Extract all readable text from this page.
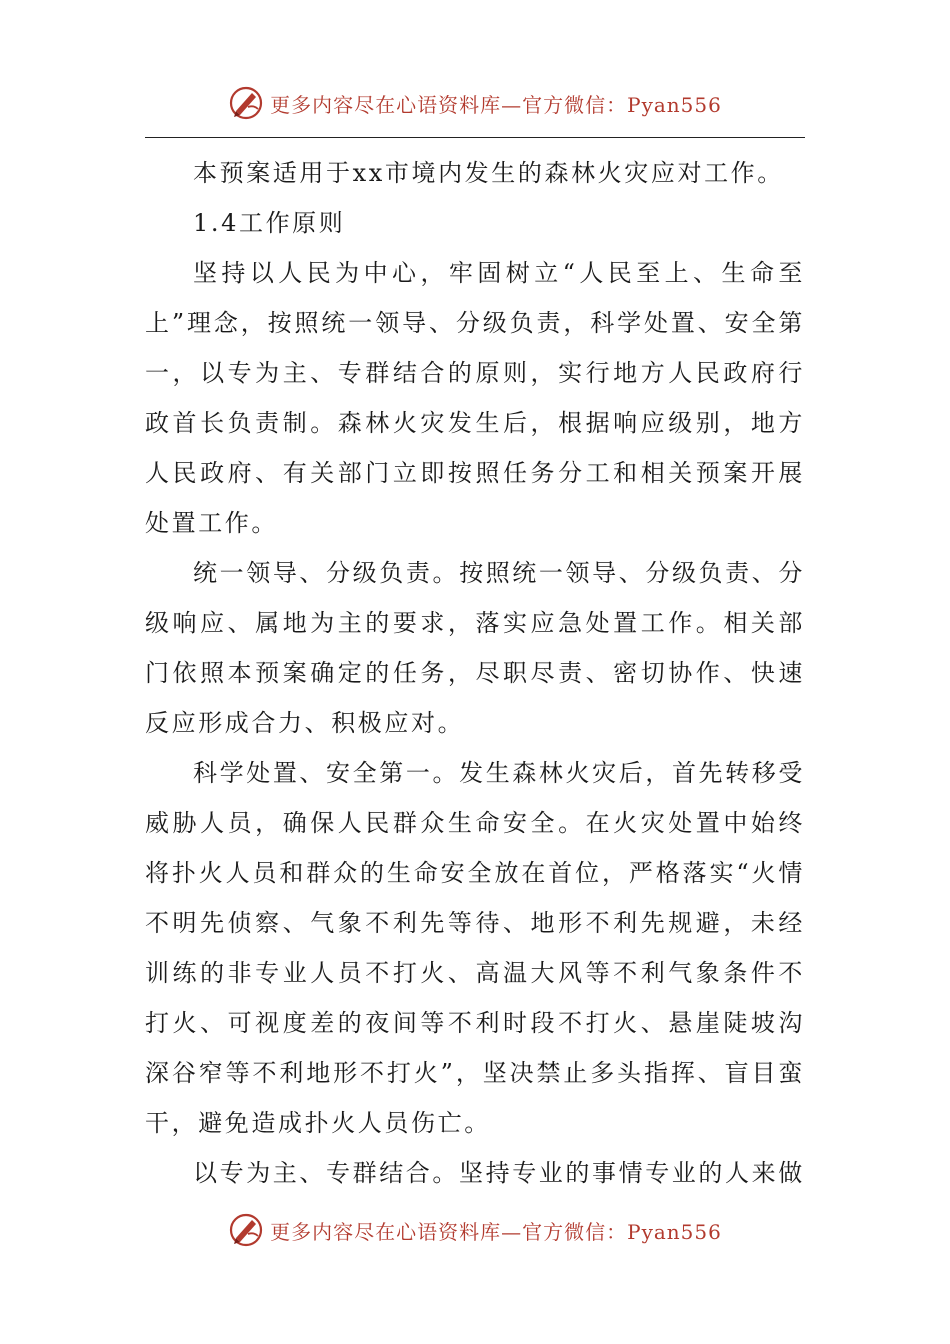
更多内容尽在心语资料库—官方微信：Pyan556

本预案适用于xx市境内发生的森林火灾应对工作。

1.4工作原则

坚持以人民为中心，牢固树立“人民至上、生命至上”理念，按照统一领导、分级负责，科学处置、安全第一，以专为主、专群结合的原则，实行地方人民政府行政首长负责制。森林火灾发生后，根据响应级别，地方人民政府、有关部门立即按照任务分工和相关预案开展处置工作。

统一领导、分级负责。按照统一领导、分级负责、分级响应、属地为主的要求，落实应急处置工作。相关部门依照本预案确定的任务，尽职尽责、密切协作、快速反应形成合力、积极应对。

科学处置、安全第一。发生森林火灾后，首先转移受威胁人员，确保人民群众生命安全。在火灾处置中始终将扑火人员和群众的生命安全放在首位，严格落实“火情不明先侦察、气象不利先等待、地形不利先规避，未经训练的非专业人员不打火、高温大风等不利气象条件不打火、可视度差的夜间等不利时段不打火、悬崖陡坡沟深谷窄等不利地形不打火”，坚决禁止多头指挥、盲目蛮干，避免造成扑火人员伤亡。

以专为主、专群结合。坚持专业的事情专业的人来做

更多内容尽在心语资料库—官方微信：Pyan556
